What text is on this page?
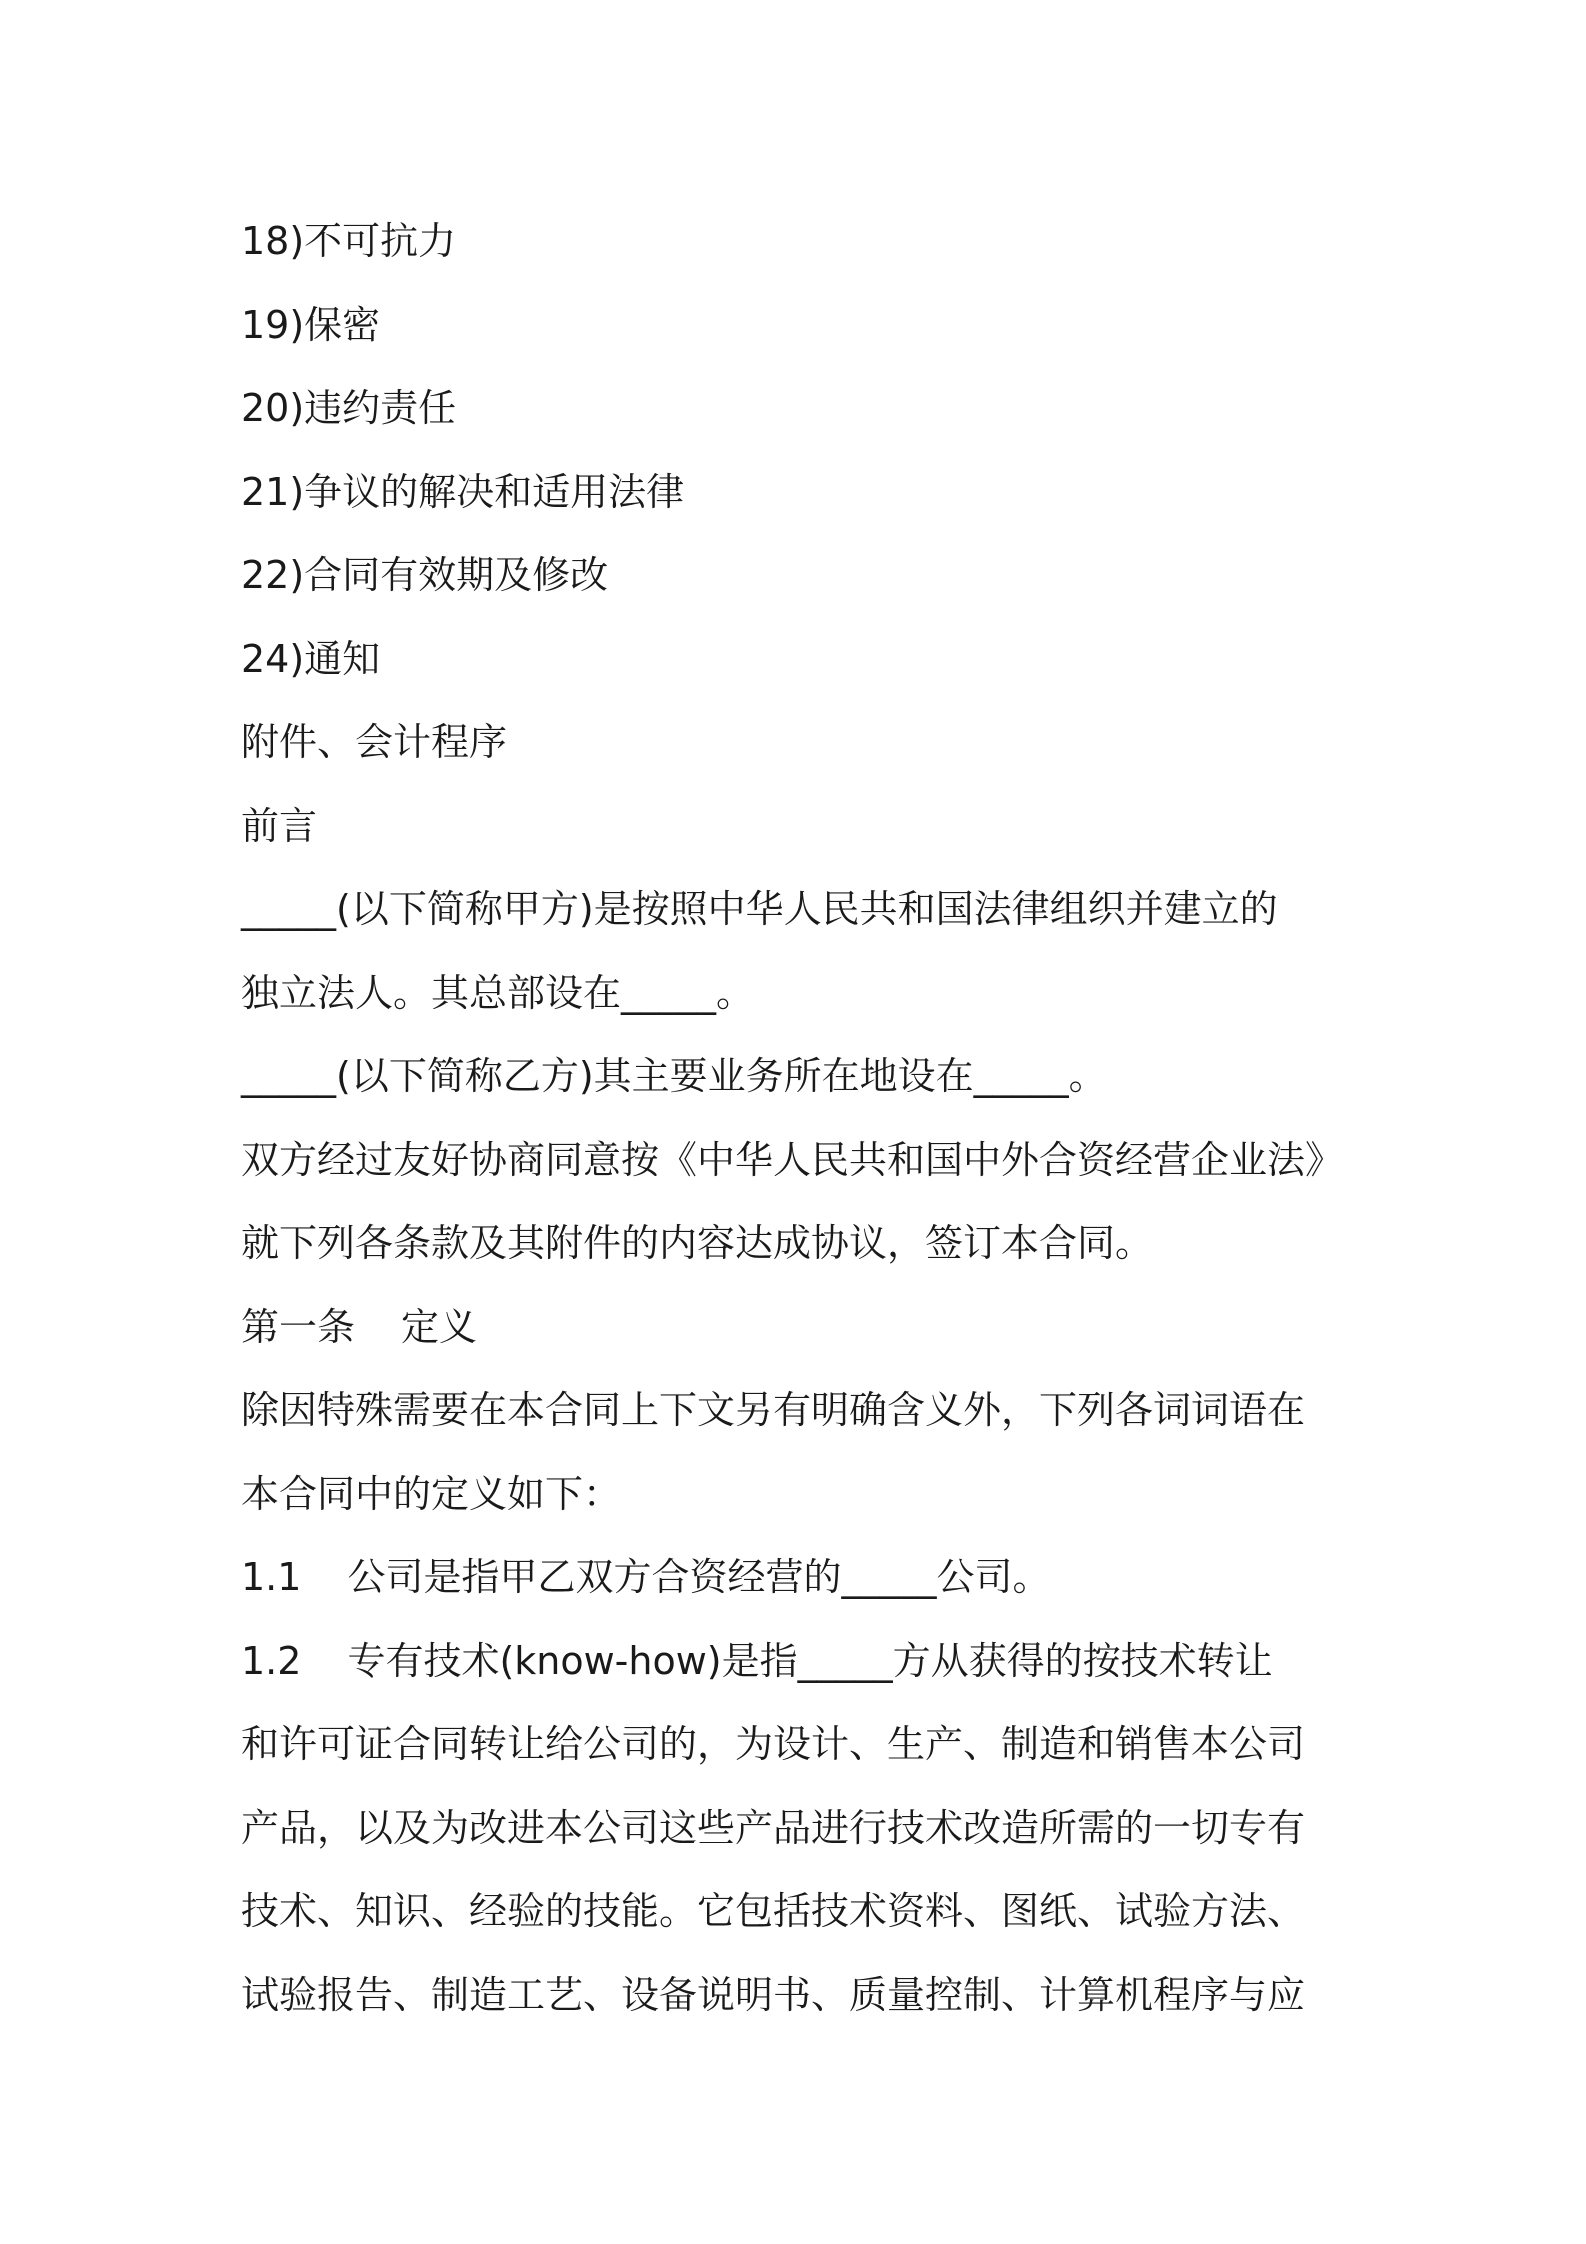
18)不可抗力
19)保密
20)违约责任
21)争议的解决和适用法律
22)合同有效期及修改
24)通知
附件、会计程序
前言
_____(以下简称甲方)是按照中华人民共和国法律组织并建立的
独立法人。其总部设在_____。
_____(以下简称乙方)其主要业务所在地设在_____。
双方经过友好协商同意按《中华人民共和国中外合资经营企业法》
就下列各条款及其附件的内容达成协议，签订本合同。
第一条 定义
除因特殊需要在本合同上下文另有明确含义外，下列各词词语在
本合同中的定义如下：
1.1 公司是指甲乙双方合资经营的_____公司。
1.2 专有技术(know-how)是指_____方从获得的按技术转让
和许可证合同转让给公司的，为设计、生产、制造和销售本公司
产品，以及为改进本公司这些产品进行技术改造所需的一切专有
技术、知识、经验的技能。它包括技术资料、图纸、试验方法、
试验报告、制造工艺、设备说明书、质量控制、计算机程序与应
